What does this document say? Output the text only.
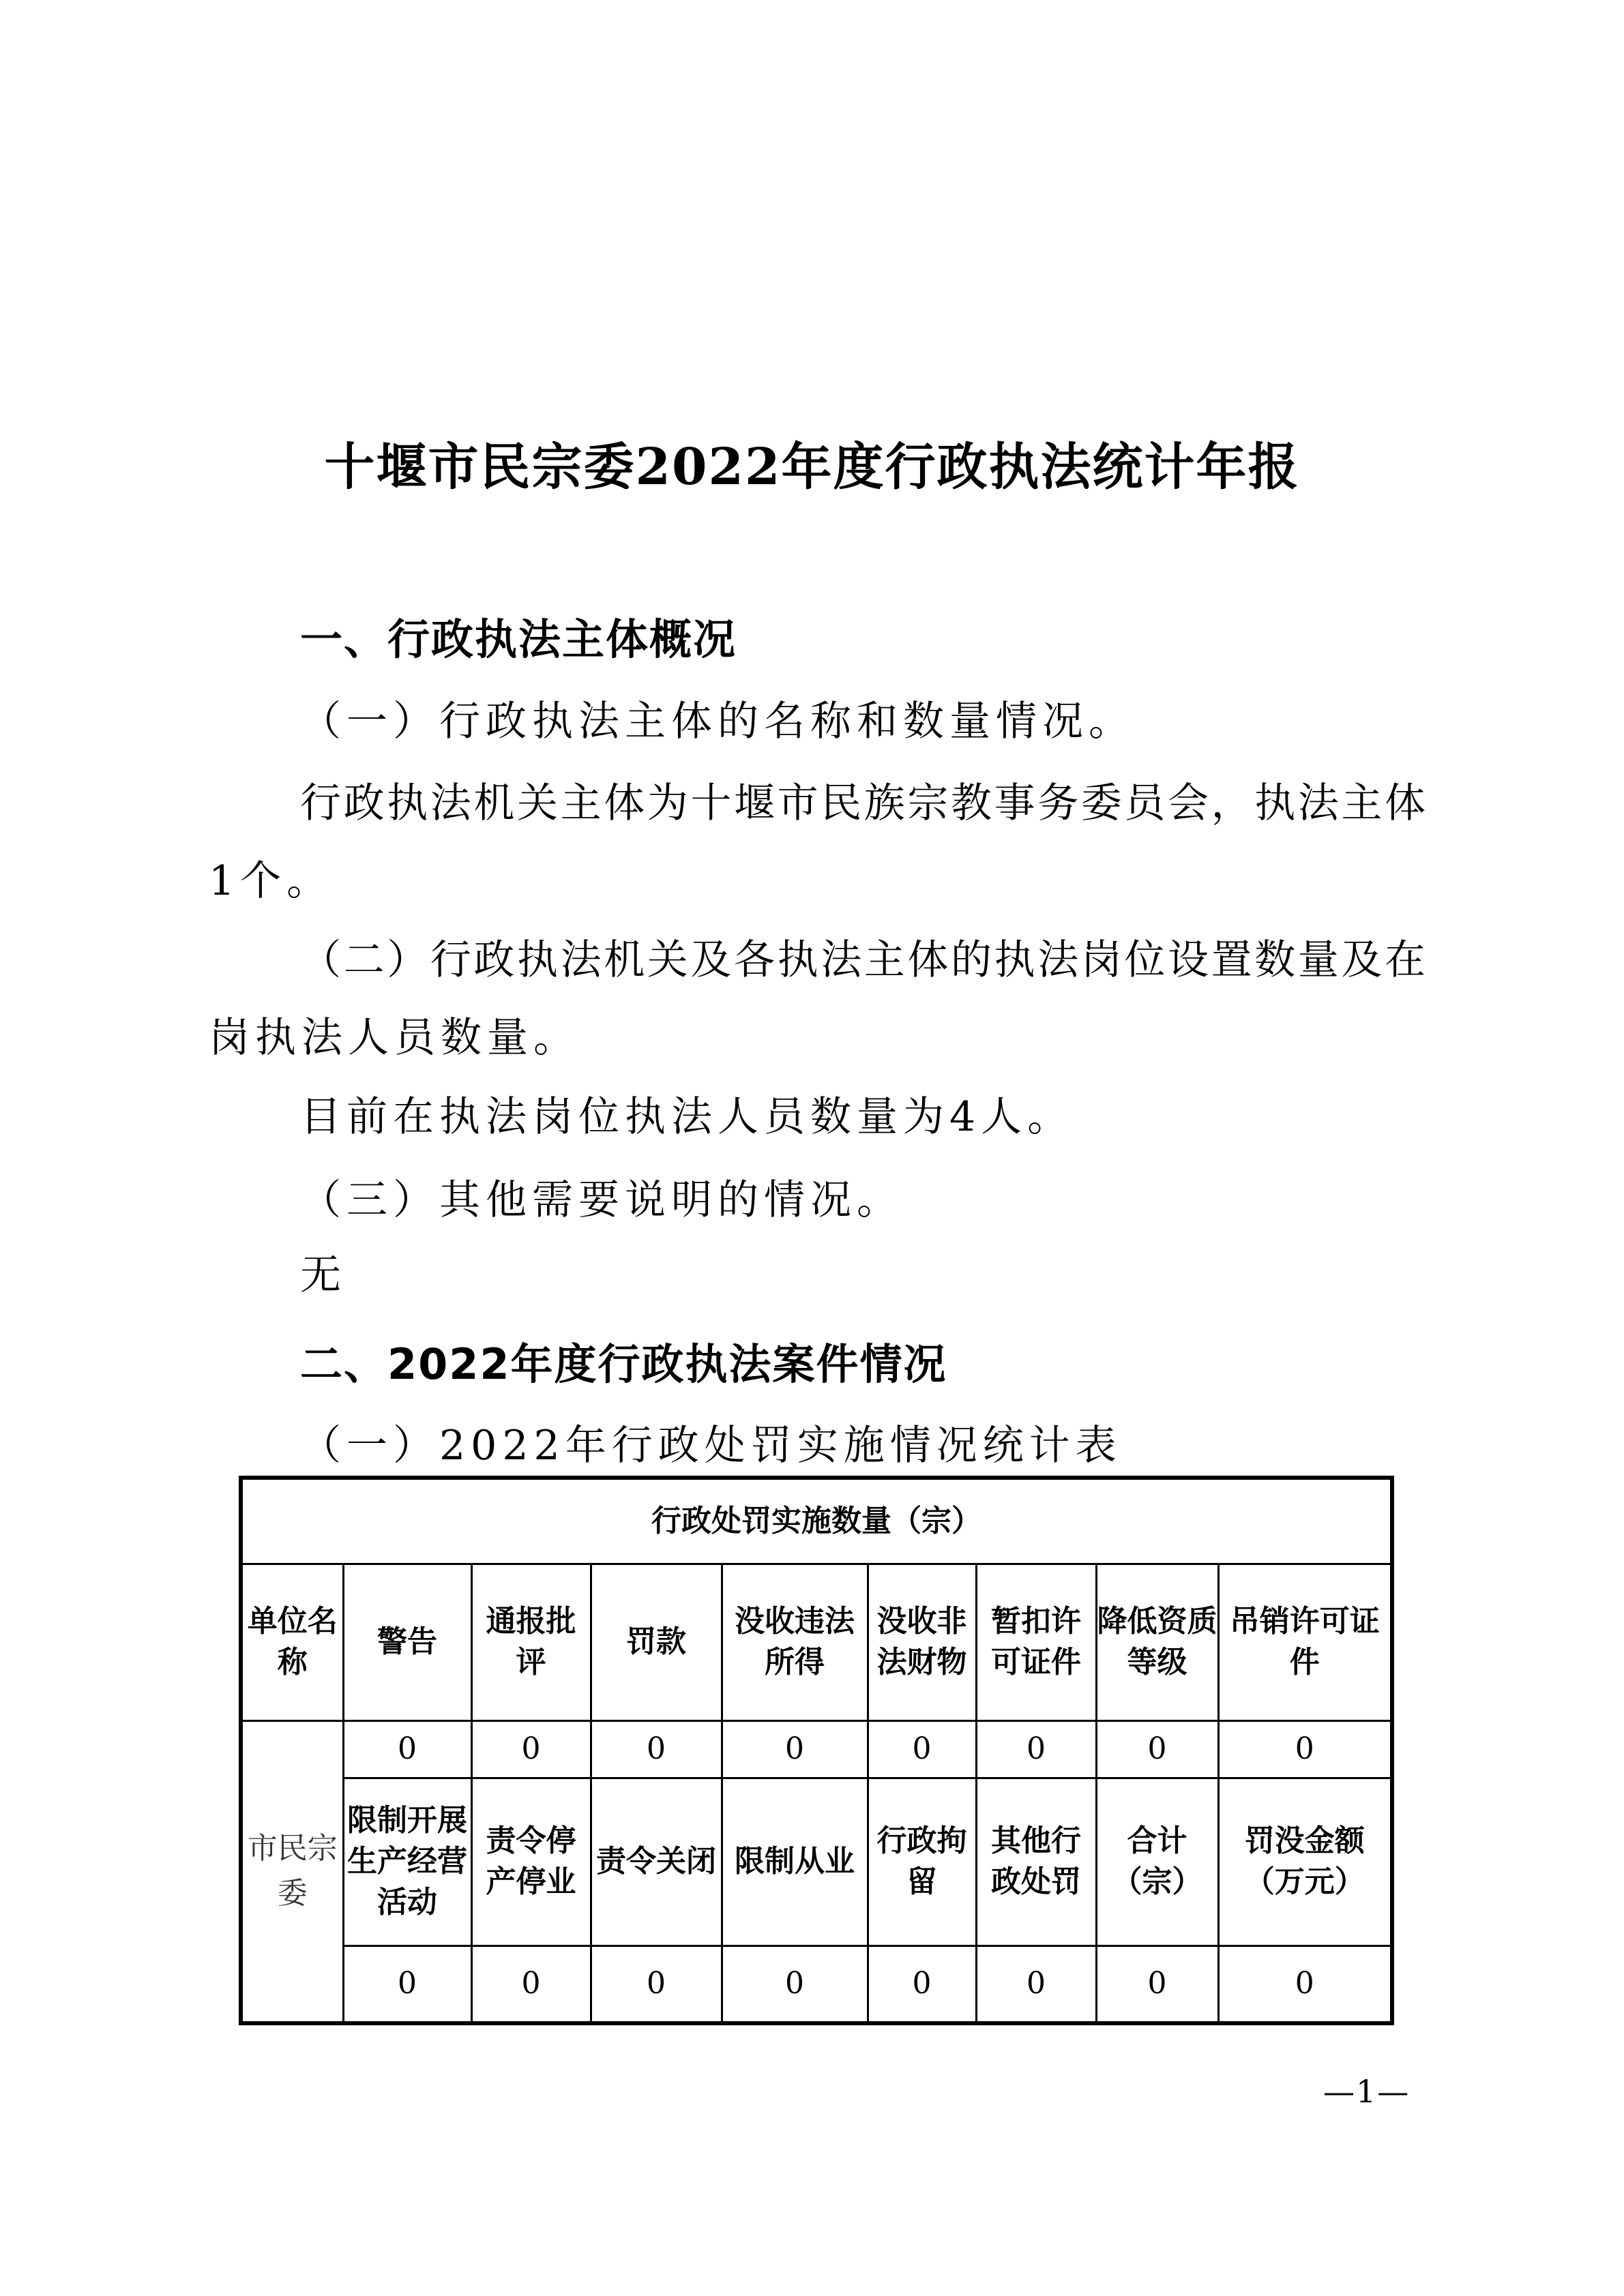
十堰市民宗委2022年度行政执法统计年报
一、行政执法主体概况
（一）行政执法主体的名称和数量情况。
行政执法机关主体为十堰市民族宗教事务委员会，执法主体
1个。
（二）行政执法机关及各执法主体的执法岗位设置数量及在
岗执法人员数量。
目前在执法岗位执法人员数量为4人。
（三）其他需要说明的情况。
无
二、2022年度行政执法案件情况
（一）2022年行政处罚实施情况统计表
行政处罚实施数量（宗）								
单位名称	警告	通报批评	罚款	没收违法所得	没收非法财物	暂扣许可证件	降低资质等级	吊销许可证件
市民宗委	0	0	0	0	0	0	0	0
	限制开展生产经营活动	责令停产停业	责令关闭	限制从业	行政拘留	其他行政处罚	合计（宗）	罚没金额（万元）
	0	0	0	0	0	0	0	0
—1—
